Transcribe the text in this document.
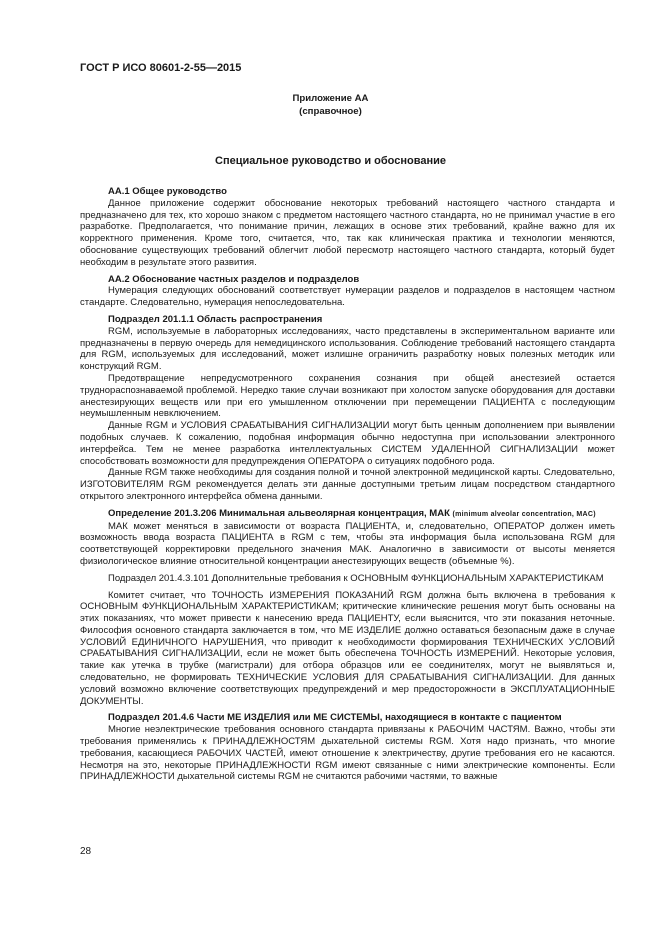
ГОСТ Р ИСО 80601-2-55—2015
Приложение АА
(справочное)
Специальное руководство и обоснование
АА.1 Общее руководство

Данное приложение содержит обоснование некоторых требований настоящего частного стандарта и предназначено для тех, кто хорошо знаком с предметом настоящего частного стандарта, но не принимал участие в его разработке. Предполагается, что понимание причин, лежащих в основе этих требований, крайне важно для их корректного применения. Кроме того, считается, что, так как клиническая практика и технологии меняются, обоснование существующих требований облегчит любой пересмотр настоящего частного стандарта, который будет необходим в результате этого развития.

АА.2 Обоснование частных разделов и подразделов

Нумерация следующих обоснований соответствует нумерации разделов и подразделов в настоящем частном стандарте. Следовательно, нумерация непоследовательна.

Подраздел 201.1.1 Область распространения

RGM, используемые в лабораторных исследованиях, часто представлены в экспериментальном варианте или предназначены в первую очередь для немедицинского использования. Соблюдение требований настоящего стандарта для RGM, используемых для исследований, может излишне ограничить разработку новых полезных методик или конструкций RGM.

Предотвращение непредусмотренного сохранения сознания при общей анестезией остается труднораспознаваемой проблемой. Нередко такие случаи возникают при холостом запуске оборудования для доставки анестезирующих веществ или при его умышленном отключении при перемещении ПАЦИЕНТА с последующим неумышленным невключением.

Данные RGM и УСЛОВИЯ СРАБАТЫВАНИЯ СИГНАЛИЗАЦИИ могут быть ценным дополнением при выявлении подобных случаев. К сожалению, подобная информация обычно недоступна при использовании электронного интерфейса. Тем не менее разработка интеллектуальных СИСТЕМ УДАЛЕННОЙ СИГНАЛИЗАЦИИ может способствовать возможности для предупреждения ОПЕРАТОРА о ситуациях подобного рода.

Данные RGM также необходимы для создания полной и точной электронной медицинской карты. Следовательно, ИЗГОТОВИТЕЛЯМ RGM рекомендуется делать эти данные доступными третьим лицам посредством стандартного открытого электронного интерфейса обмена данными.

Определение 201.3.206 Минимальная альвеолярная концентрация, МАК (minimum alveolar concentration, MAC)

МАК может меняться в зависимости от возраста ПАЦИЕНТА, и, следовательно, ОПЕРАТОР должен иметь возможность ввода возраста ПАЦИЕНТА в RGM с тем, чтобы эта информация была использована RGM для соответствующей корректировки предельного значения МАК. Аналогично в зависимости от высоты меняется физиологическое влияние относительной концентрации анестезирующих веществ (объемные %).

Подраздел 201.4.3.101 Дополнительные требования к ОСНОВНЫМ ФУНКЦИОНАЛЬНЫМ ХАРАКТЕРИСТИКАМ

Комитет считает, что ТОЧНОСТЬ ИЗМЕРЕНИЯ ПОКАЗАНИЙ RGM должна быть включена в требования к ОСНОВНЫМ ФУНКЦИОНАЛЬНЫМ ХАРАКТЕРИСТИКАМ; критические клинические решения могут быть основаны на этих показаниях, что может привести к нанесению вреда ПАЦИЕНТУ, если выяснится, что эти показания неточные. Философия основного стандарта заключается в том, что МЕ ИЗДЕЛИЕ должно оставаться безопасным даже в случае УСЛОВИЙ ЕДИНИЧНОГО НАРУШЕНИЯ, что приводит к необходимости формирования ТЕХНИЧЕСКИХ УСЛОВИЙ СРАБАТЫВАНИЯ СИГНАЛИЗАЦИИ, если не может быть обеспечена ТОЧНОСТЬ ИЗМЕРЕНИЙ. Некоторые условия, такие как утечка в трубке (магистрали) для отбора образцов или ее соединителях, могут не выявляться и, следовательно, не формировать ТЕХНИЧЕСКИЕ УСЛОВИЯ ДЛЯ СРАБАТЫВАНИЯ СИГНАЛИЗАЦИИ. Для данных условий возможно включение соответствующих предупреждений и мер предосторожности в ЭКСПЛУАТАЦИОННЫЕ ДОКУМЕНТЫ.

Подраздел 201.4.6 Части МЕ ИЗДЕЛИЯ или МЕ СИСТЕМЫ, находящиеся в контакте с пациентом

Многие неэлектрические требования основного стандарта привязаны к РАБОЧИМ ЧАСТЯМ. Важно, чтобы эти требования применялись к ПРИНАДЛЕЖНОСТЯМ дыхательной системы RGM. Хотя надо признать, что многие требования, касающиеся РАБОЧИХ ЧАСТЕЙ, имеют отношение к электричеству, другие требования его не касаются. Несмотря на это, некоторые ПРИНАДЛЕЖНОСТИ RGM имеют связанные с ними электрические компоненты. Если ПРИНАДЛЕЖНОСТИ дыхательной системы RGM не считаются рабочими частями, то важные

28
